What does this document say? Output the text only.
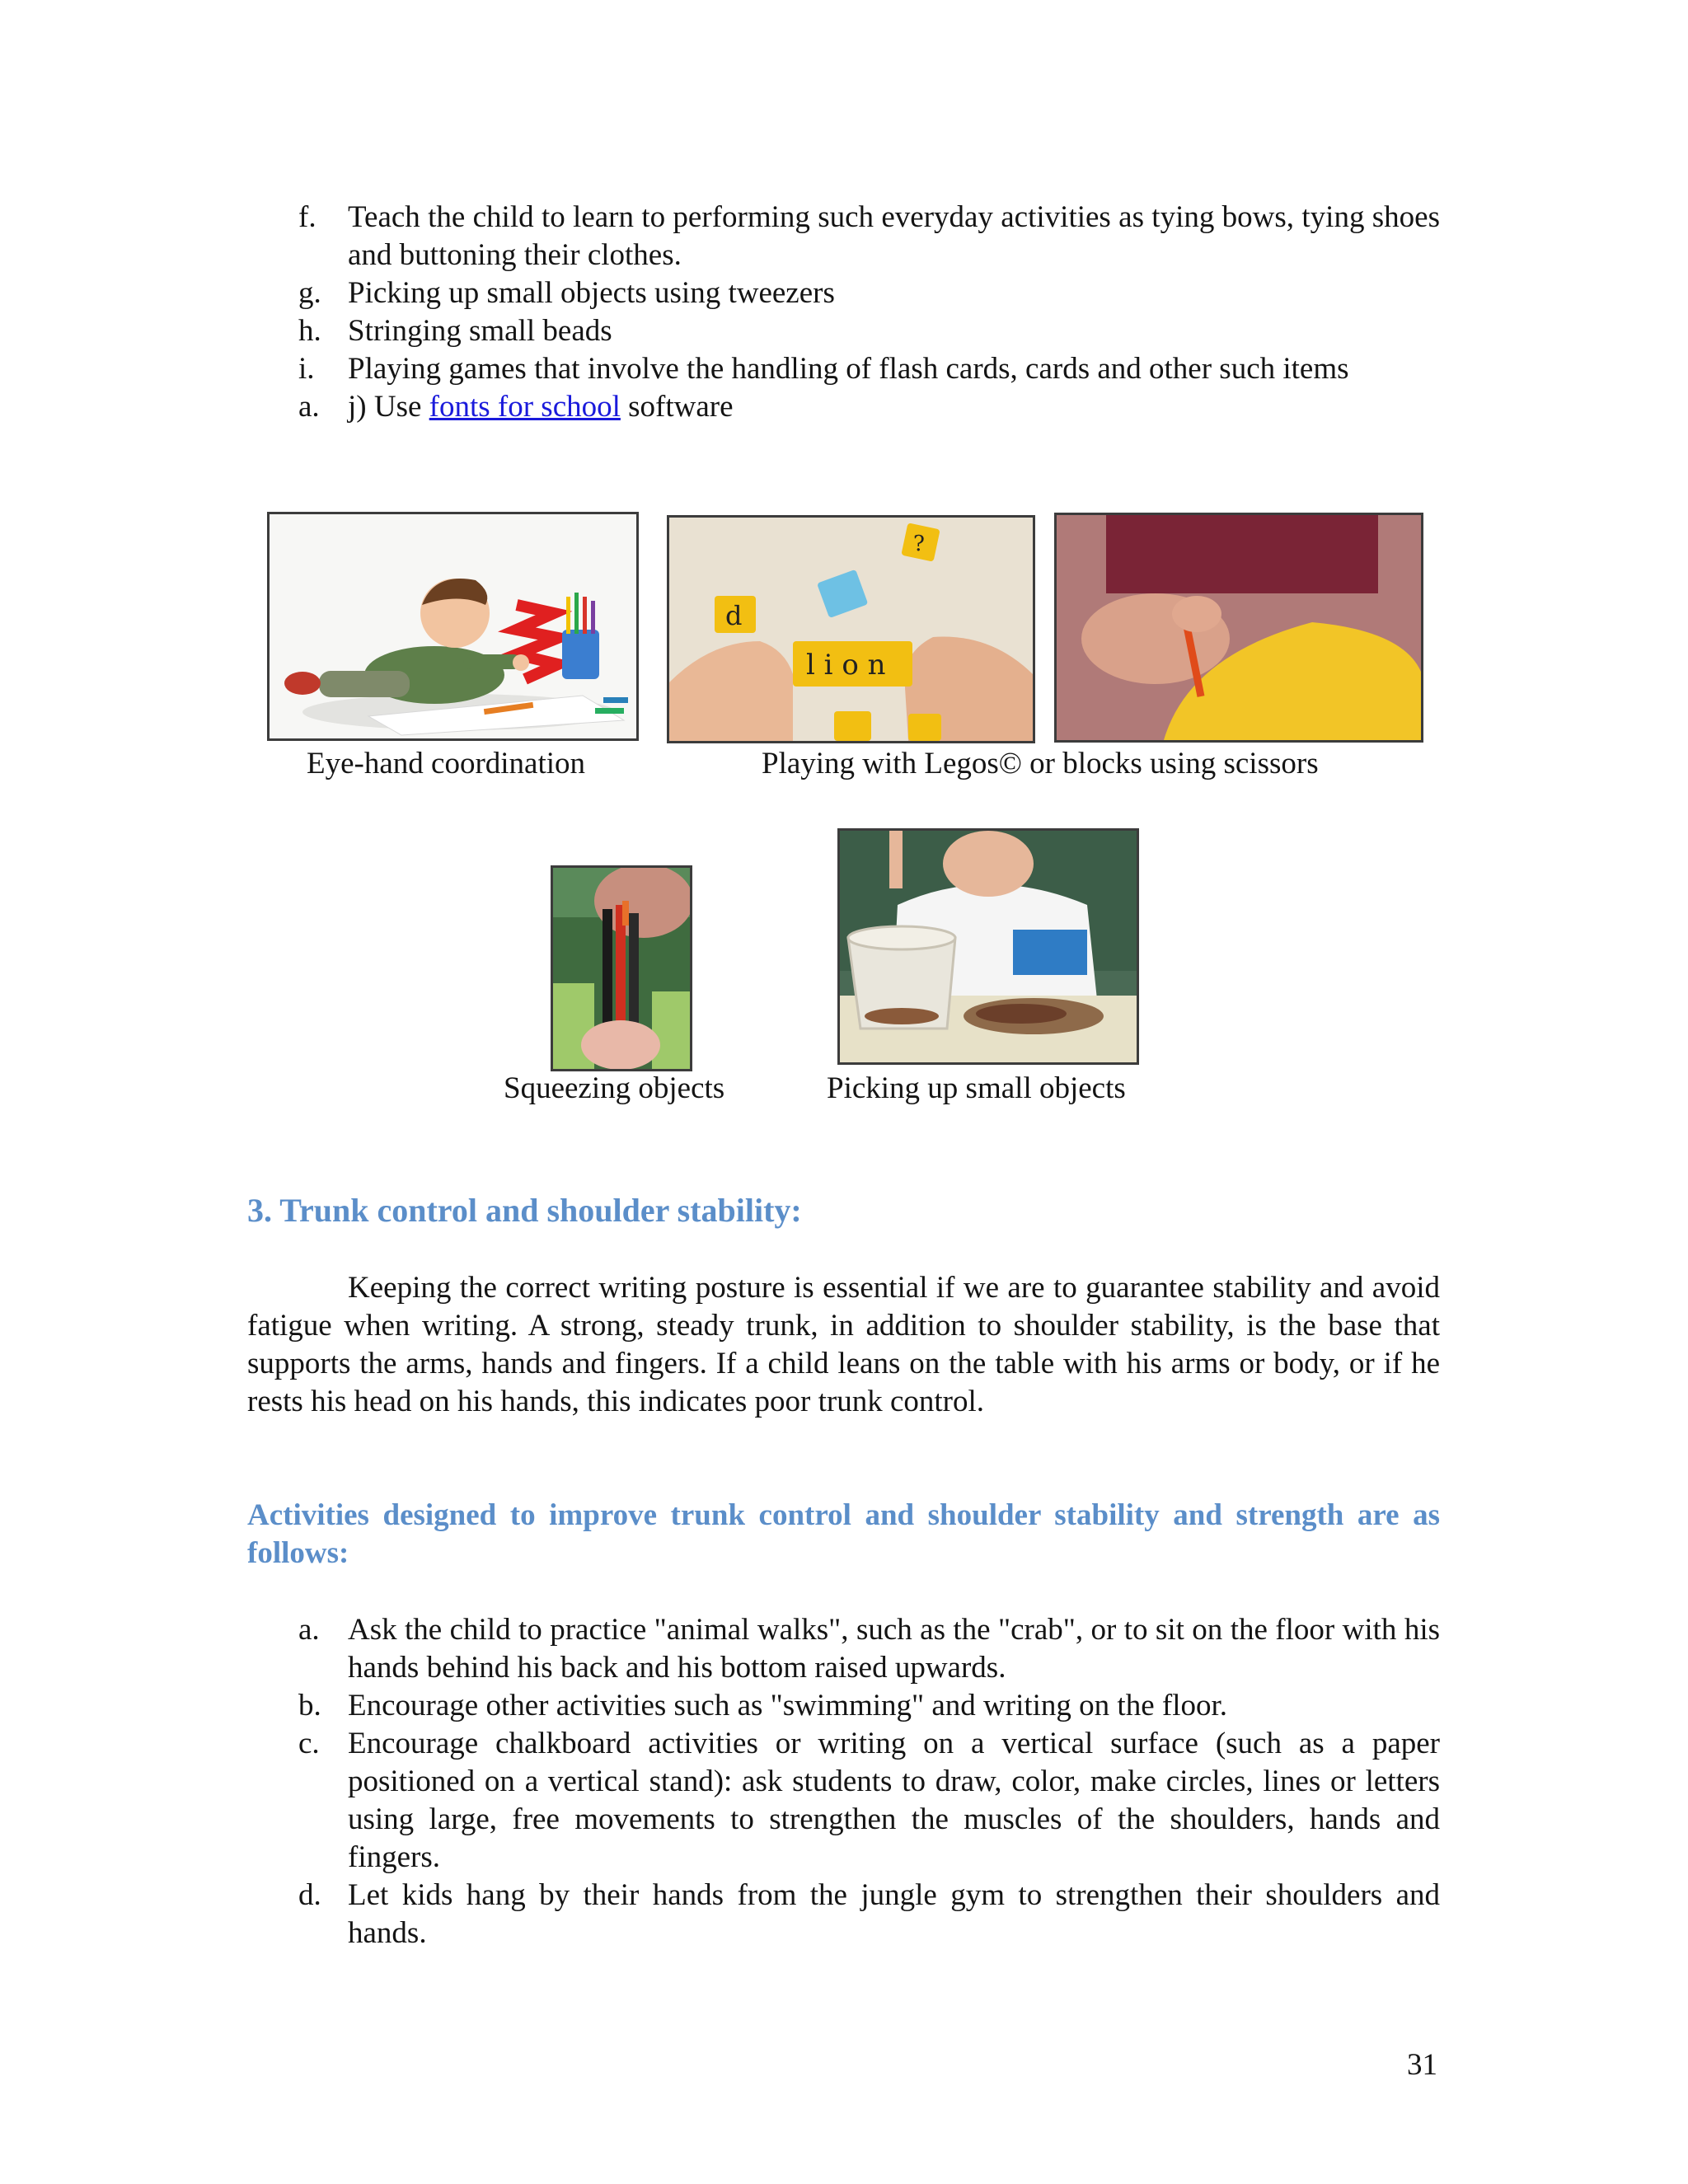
f. Teach the child to learn to performing such everyday activities as tying bows, tying shoes and buttoning their clothes.
g. Picking up small objects using tweezers
h. Stringing small beads
i. Playing games that involve the handling of flash cards, cards and other such items
a. j) Use fonts for school software
l i o n
d
?
Eye-hand coordination	Playing with Legos© or blocks using scissors
Squeezing objects	Picking up small objects
3. Trunk control and shoulder stability:
Keeping the correct writing posture is essential if we are to guarantee stability and avoid fatigue when writing. A strong, steady trunk, in addition to shoulder stability, is the base that supports the arms, hands and fingers. If a child leans on the table with his arms or body, or if he rests his head on his hands, this indicates poor trunk control.
Activities designed to improve trunk control and shoulder stability and strength are as follows:
a. Ask the child to practice "animal walks", such as the "crab", or to sit on the floor with his hands behind his back and his bottom raised upwards.
b. Encourage other activities such as "swimming" and writing on the floor.
c. Encourage chalkboard activities or writing on a vertical surface (such as a paper positioned on a vertical stand): ask students to draw, color, make circles, lines or letters using large, free movements to strengthen the muscles of the shoulders, hands and fingers.
d. Let kids hang by their hands from the jungle gym to strengthen their shoulders and hands.
31
